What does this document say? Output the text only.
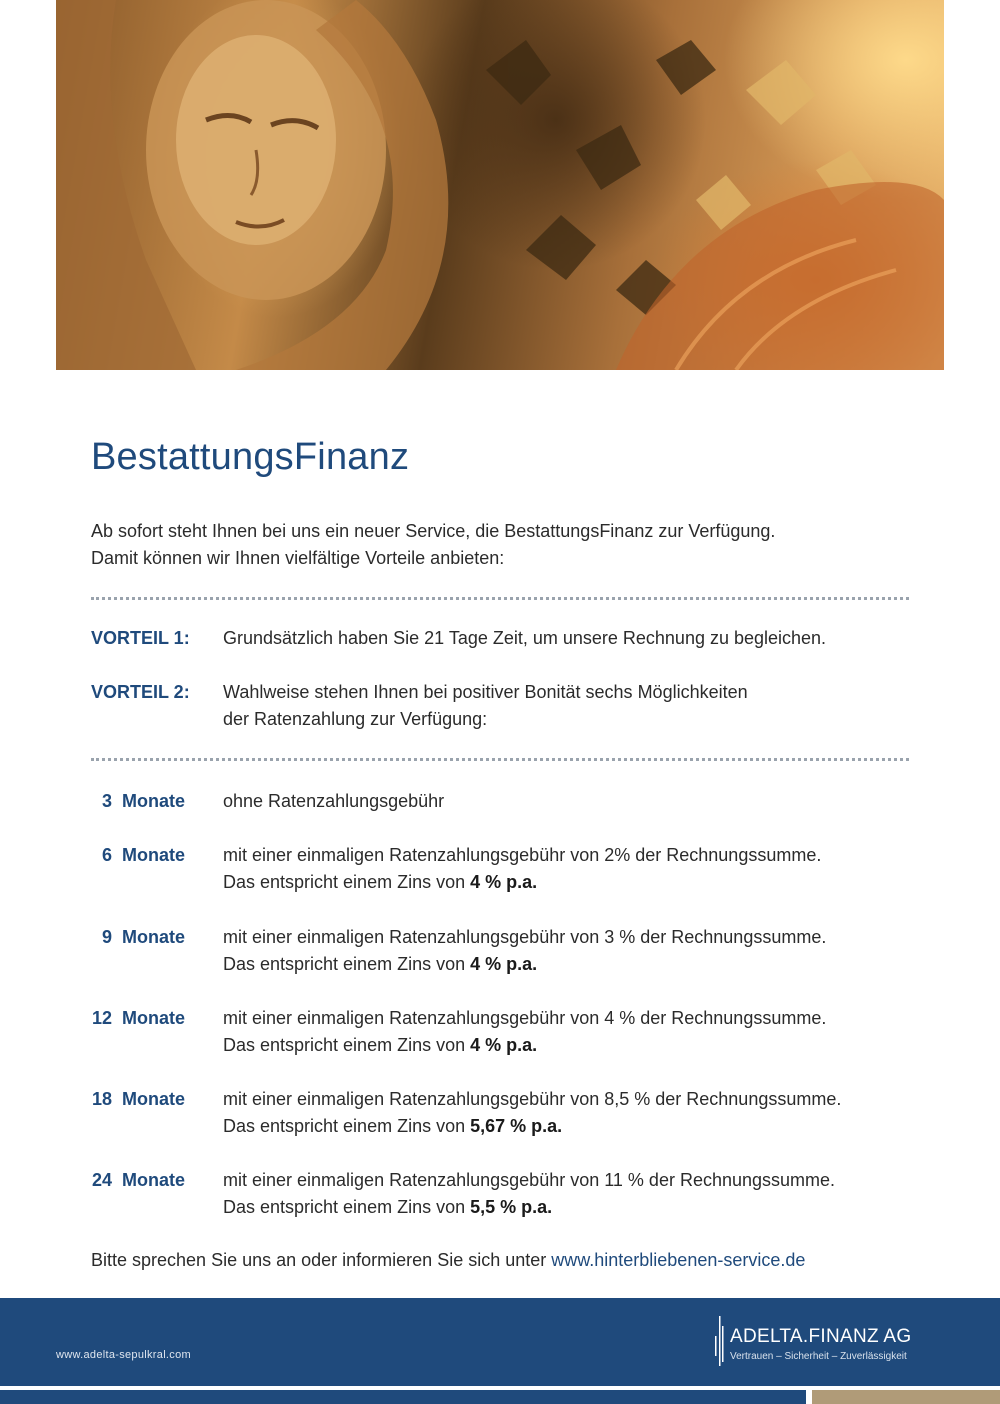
BestattungsFinanz

Ab sofort steht Ihnen bei uns ein neuer Service, die BestattungsFinanz zur Verfügung.
Damit können wir Ihnen vielfältige Vorteile anbieten:

VORTEIL 1: Grundsätzlich haben Sie 21 Tage Zeit, um unsere Rechnung zu begleichen.
VORTEIL 2: Wahlweise stehen Ihnen bei positiver Bonität sechs Möglichkeiten
der Ratenzahlung zur Verfügung:
3 Monate ohne Ratenzahlungsgebühr
6 Monate mit einer einmaligen Ratenzahlungsgebühr von 2% der Rechnungssumme.
Das entspricht einem Zins von 4 % p.a.
9 Monate mit einer einmaligen Ratenzahlungsgebühr von 3 % der Rechnungssumme.
Das entspricht einem Zins von 4 % p.a.
12 Monate mit einer einmaligen Ratenzahlungsgebühr von 4 % der Rechnungssumme.
Das entspricht einem Zins von 4 % p.a.
18 Monate mit einer einmaligen Ratenzahlungsgebühr von 8,5 % der Rechnungssumme.
Das entspricht einem Zins von 5,67 % p.a.
24 Monate mit einer einmaligen Ratenzahlungsgebühr von 11 % der Rechnungssumme.
Das entspricht einem Zins von 5,5 % p.a.
Bitte sprechen Sie uns an oder informieren Sie sich unter www.hinterbliebenen-service.de
www.adelta-sepulkral.com
ADELTA.FINANZ AG
Vertrauen – Sicherheit – Zuverlässigkeit
